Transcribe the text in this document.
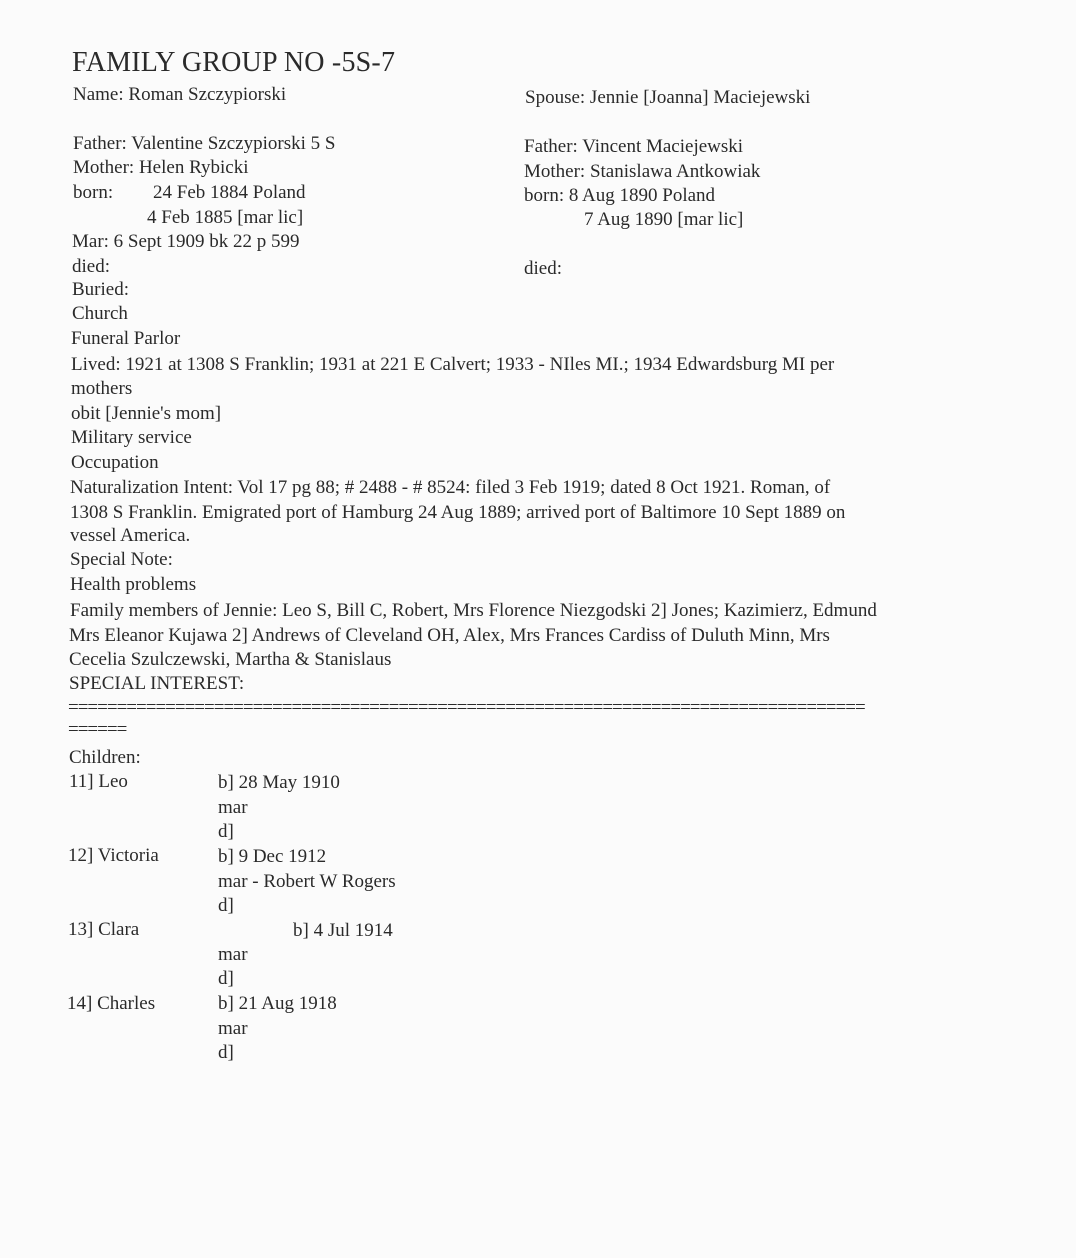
FAMILY GROUP NO -5S-7
Name: Roman Szczypiorski
Father: Valentine Szczypiorski 5 S
Mother: Helen Rybicki
born: 24 Feb 1884 Poland
4 Feb 1885 [mar lic]
Mar: 6 Sept 1909 bk 22 p 599
died:
Buried:
Church
Funeral Parlor
Spouse: Jennie [Joanna] Maciejewski
Father: Vincent Maciejewski
Mother: Stanislawa Antkowiak
born: 8 Aug 1890 Poland
7 Aug 1890 [mar lic]
died:
Lived: 1921 at 1308 S Franklin; 1931 at 221 E Calvert; 1933 - NIles MI.; 1934 Edwardsburg MI per
mothers
obit [Jennie's mom]
Military service
Occupation
Naturalization Intent: Vol 17 pg 88; # 2488 - # 8524: filed 3 Feb 1919; dated 8 Oct 1921. Roman, of
1308 S Franklin. Emigrated port of Hamburg 24 Aug 1889; arrived port of Baltimore 10 Sept 1889 on
vessel America.
Special Note:
Health problems
Family members of Jennie: Leo S, Bill C, Robert, Mrs Florence Niezgodski 2] Jones; Kazimierz, Edmund
Mrs Eleanor Kujawa 2] Andrews of Cleveland OH, Alex, Mrs Frances Cardiss of Duluth Minn, Mrs
Cecelia Szulczewski, Martha & Stanislaus
SPECIAL INTEREST:
==================================================================================
======
Children:
11] Leo	b] 28 May 1910
mar
d]
12] Victoria	b] 9 Dec 1912
mar - Robert W Rogers
d]
13] Clara	b] 4 Jul 1914
mar
d]
14] Charles	b] 21 Aug 1918
mar
d]
